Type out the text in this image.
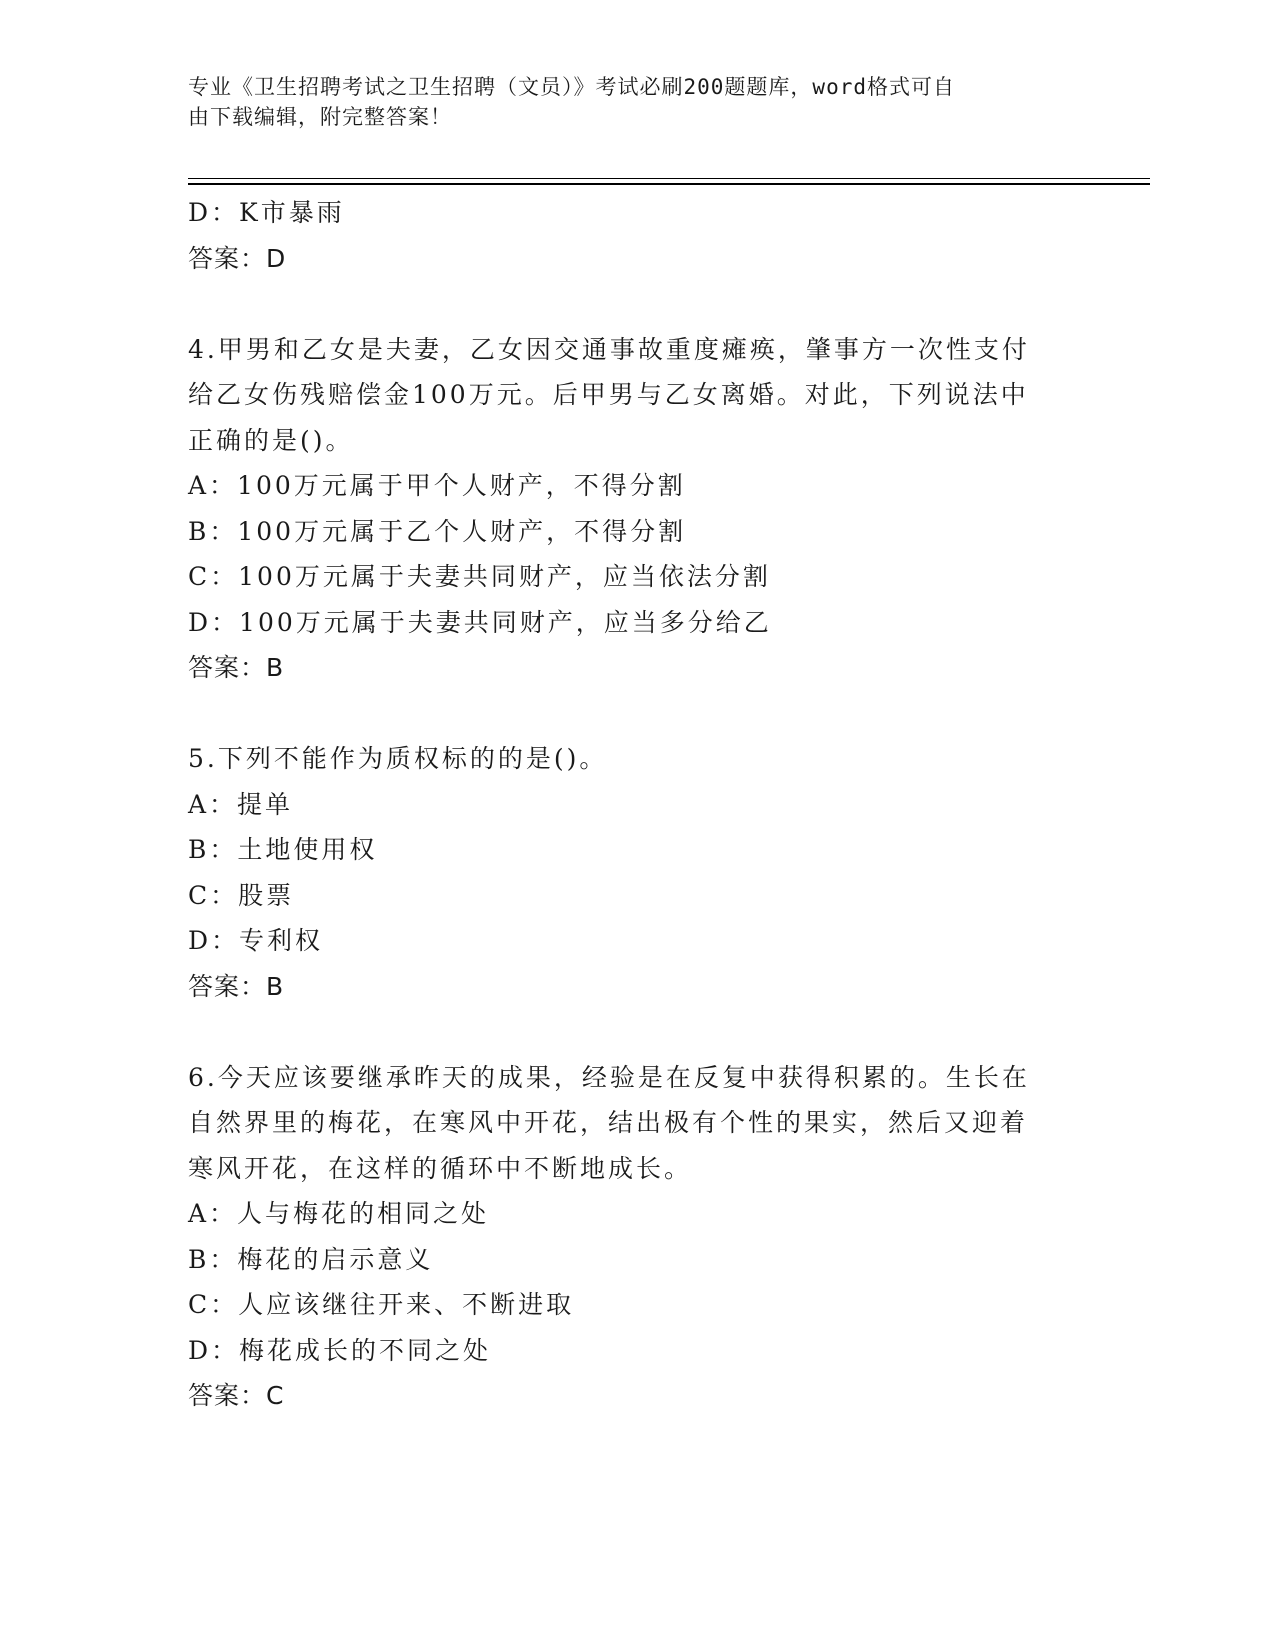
专业《卫生招聘考试之卫生招聘（文员）》考试必刷200题题库，word格式可自
由下载编辑，附完整答案！

D：K市暴雨

答案：D

4.甲男和乙女是夫妻，乙女因交通事故重度瘫痪，肇事方一次性支付

给乙女伤残赔偿金100万元。后甲男与乙女离婚。对此，下列说法中

正确的是()。

A：100万元属于甲个人财产，不得分割

B：100万元属于乙个人财产，不得分割

C：100万元属于夫妻共同财产，应当依法分割

D：100万元属于夫妻共同财产，应当多分给乙

答案：B

5.下列不能作为质权标的的是()。

A：提单

B：土地使用权

C：股票

D：专利权

答案：B

6.今天应该要继承昨天的成果，经验是在反复中获得积累的。生长在

自然界里的梅花，在寒风中开花，结出极有个性的果实，然后又迎着

寒风开花，在这样的循环中不断地成长。

A：人与梅花的相同之处

B：梅花的启示意义

C：人应该继往开来、不断进取

D：梅花成长的不同之处

答案：C
